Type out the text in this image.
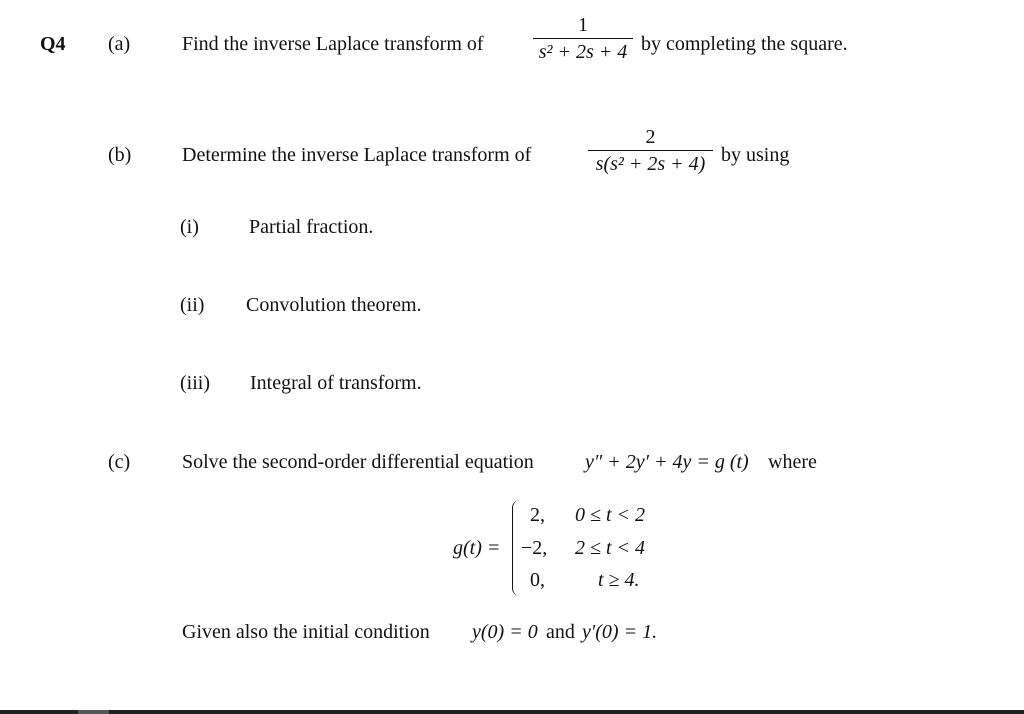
Q4 (a)	Find the inverse Laplace transform of
1
s² + 2s + 4 by completing the square.
(b)	Determine the inverse Laplace transform of
2
s(s² + 2s + 4) by using
(i)	Partial fraction.
(ii) Convolution theorem.
(iii) Integral of transform.
(c)	Solve the second-order differential equation	y″ + 2y′ + 4y = g (t) where
g(t) =
2, 0 ≤ t < 2
−2, 2 ≤ t < 4
0,	t ≥ 4.
Given also the initial condition y(0) = 0 and y′(0) = 1.
